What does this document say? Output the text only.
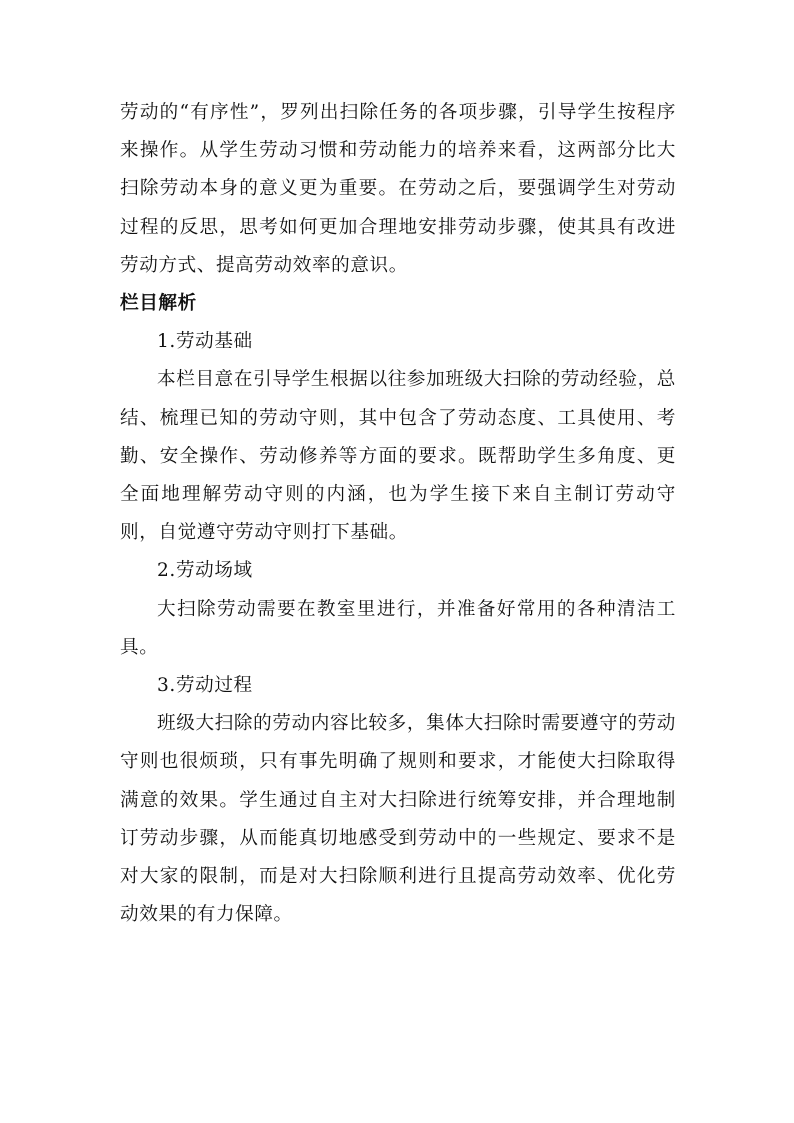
劳动的“有序性”，罗列出扫除任务的各项步骤，引导学生按程序来操作。从学生劳动习惯和劳动能力的培养来看，这两部分比大扫除劳动本身的意义更为重要。在劳动之后，要强调学生对劳动过程的反思，思考如何更加合理地安排劳动步骤，使其具有改进劳动方式、提高劳动效率的意识。

栏目解析

1.劳动基础

本栏目意在引导学生根据以往参加班级大扫除的劳动经验，总结、梳理已知的劳动守则，其中包含了劳动态度、工具使用、考勤、安全操作、劳动修养等方面的要求。既帮助学生多角度、更全面地理解劳动守则的内涵，也为学生接下来自主制订劳动守则，自觉遵守劳动守则打下基础。

2.劳动场域

大扫除劳动需要在教室里进行，并准备好常用的各种清洁工具。

3.劳动过程

班级大扫除的劳动内容比较多，集体大扫除时需要遵守的劳动守则也很烦琐，只有事先明确了规则和要求，才能使大扫除取得满意的效果。学生通过自主对大扫除进行统筹安排，并合理地制订劳动步骤，从而能真切地感受到劳动中的一些规定、要求不是对大家的限制，而是对大扫除顺利进行且提高劳动效率、优化劳动效果的有力保障。
